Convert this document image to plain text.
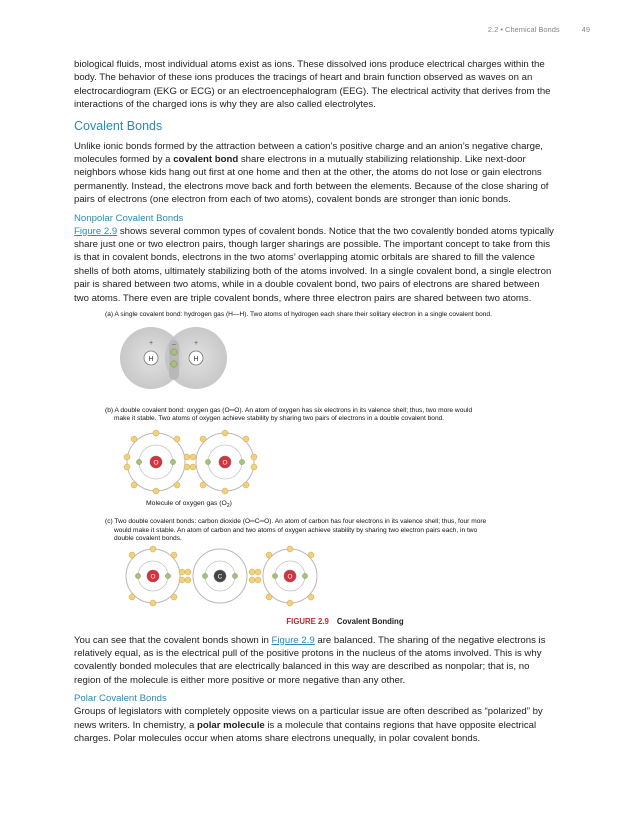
2.2 • Chemical Bonds	49

biological fluids, most individual atoms exist as ions. These dissolved ions produce electrical charges within the body. The behavior of these ions produces the tracings of heart and brain function observed as waves on an electrocardiogram (EKG or ECG) or an electroencephalogram (EEG). The electrical activity that derives from the interactions of the charged ions is why they are also called electrolytes.

Covalent Bonds

Unlike ionic bonds formed by the attraction between a cation’s positive charge and an anion’s negative charge, molecules formed by a covalent bond share electrons in a mutually stabilizing relationship. Like next-door neighbors whose kids hang out first at one home and then at the other, the atoms do not lose or gain electrons permanently. Instead, the electrons move back and forth between the elements. Because of the close sharing of pairs of electrons (one electron from each of two atoms), covalent bonds are stronger than ionic bonds.

Nonpolar Covalent Bonds

Figure 2.9 shows several common types of covalent bonds. Notice that the two covalently bonded atoms typically share just one or two electron pairs, though larger sharings are possible. The important concept to take from this is that in covalent bonds, electrons in the two atoms’ overlapping atomic orbitals are shared to fill the valence shells of both atoms, ultimately stabilizing both of the atoms involved. In a single covalent bond, a single electron pair is shared between two atoms, while in a double covalent bond, two pairs of electrons are shared between two atoms. There even are triple covalent bonds, where three electron pairs are shared between two atoms.

(a) A single covalent bond: hydrogen gas (H—H). Two atoms of hydrogen each share their solitary electron in a single covalent bond.
+	+
–
H	H
(b) A double covalent bond: oxygen gas (O═O). An atom of oxygen has six electrons in its valence shell; thus, two more would
make it stable. Two atoms of oxygen achieve stability by sharing two pairs of electrons in a double covalent bond.
O	O
Molecule of oxygen gas $(O_2)$
(c) Two double covalent bonds: carbon dioxide (O═C═O). An atom of carbon has four electrons in its valence shell; thus, four more
would make it stable. An atom of carbon and two atoms of oxygen achieve stability by sharing two electron pairs each, in two
double covalent bonds.
O	C	O
FIGURE 2.9 Covalent Bonding

You can see that the covalent bonds shown in Figure 2.9 are balanced. The sharing of the negative electrons is relatively equal, as is the electrical pull of the positive protons in the nucleus of the atoms involved. This is why covalently bonded molecules that are electrically balanced in this way are described as nonpolar; that is, no region of the molecule is either more positive or more negative than any other.

Polar Covalent Bonds

Groups of legislators with completely opposite views on a particular issue are often described as “polarized” by news writers. In chemistry, a polar molecule is a molecule that contains regions that have opposite electrical charges. Polar molecules occur when atoms share electrons unequally, in polar covalent bonds.
